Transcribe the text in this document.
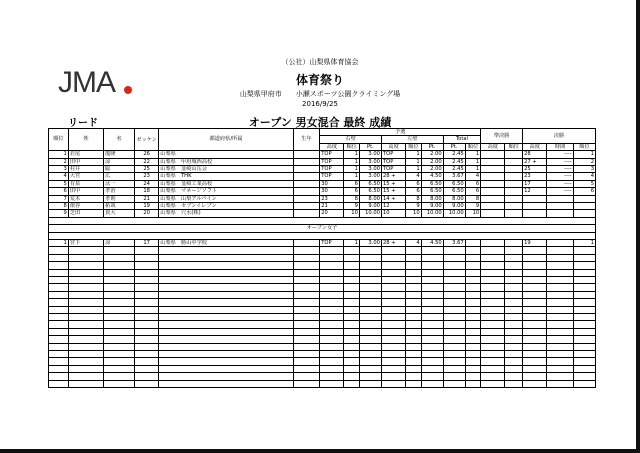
JMA
（公社）山梨県体育協会
体育祭り
山梨県甲府市　　小瀬スポーツ公園クライミング場
2016/9/25
リード	オープン 男女混合 最終 成績
順位	姓	名	ゼッケン	都道府県/所属	生年	予選								準決勝		決勝		
						右壁			左壁			Total						
						高度	順位	Pt.	高度	順位	Pt.	Pt.	順位	高度	順位	高度	時間	順位
1	若尾	龍隆	26	山梨県		TOP	1	3.00	TOP	1	2.00	2.45	1			28	----	1
2	田中	涼	22	山梨県　甲府城西高校		TOP	1	3.00	TOP	1	2.00	2.45	1			27 +	----	2
3	村井	聡	25	山梨県　韮崎山岳会		TOP	1	3.00	TOP	1	2.00	2.45	1			25	----	3
4	大宮	広	23	山梨県　THK		TOP	1	3.00	28 +	4	4.50	3.67	4			23	----	4
5	有泉	汰一	24	山梨県　韮崎工業高校		30	6	6.50	15 +	6	6.50	6.50	6			17	----	5
6	田中	孝治	18	山梨県　マネージソフト		30	6	6.50	15 +	6	6.50	6.50	6			12	----	6
7	荒木	孝則	21	山梨県　山梨アルパイン		23	8	8.00	14 +	8	8.00	8.00	8					
8	俵谷	拓哉	19	山梨県　セブンイレブン		21	9	9.00	12	9	9.00	9.00	9					
9	芝田	貴大	20	山梨県　穴水(株)		20	10	10.00	10	10	10.00	10.00	10					

オープン女子																		

1	宮下	涼	17	山梨県　勝山中学校		TOP	1	3.00	28 +	4	4.50	3.67				19		1
